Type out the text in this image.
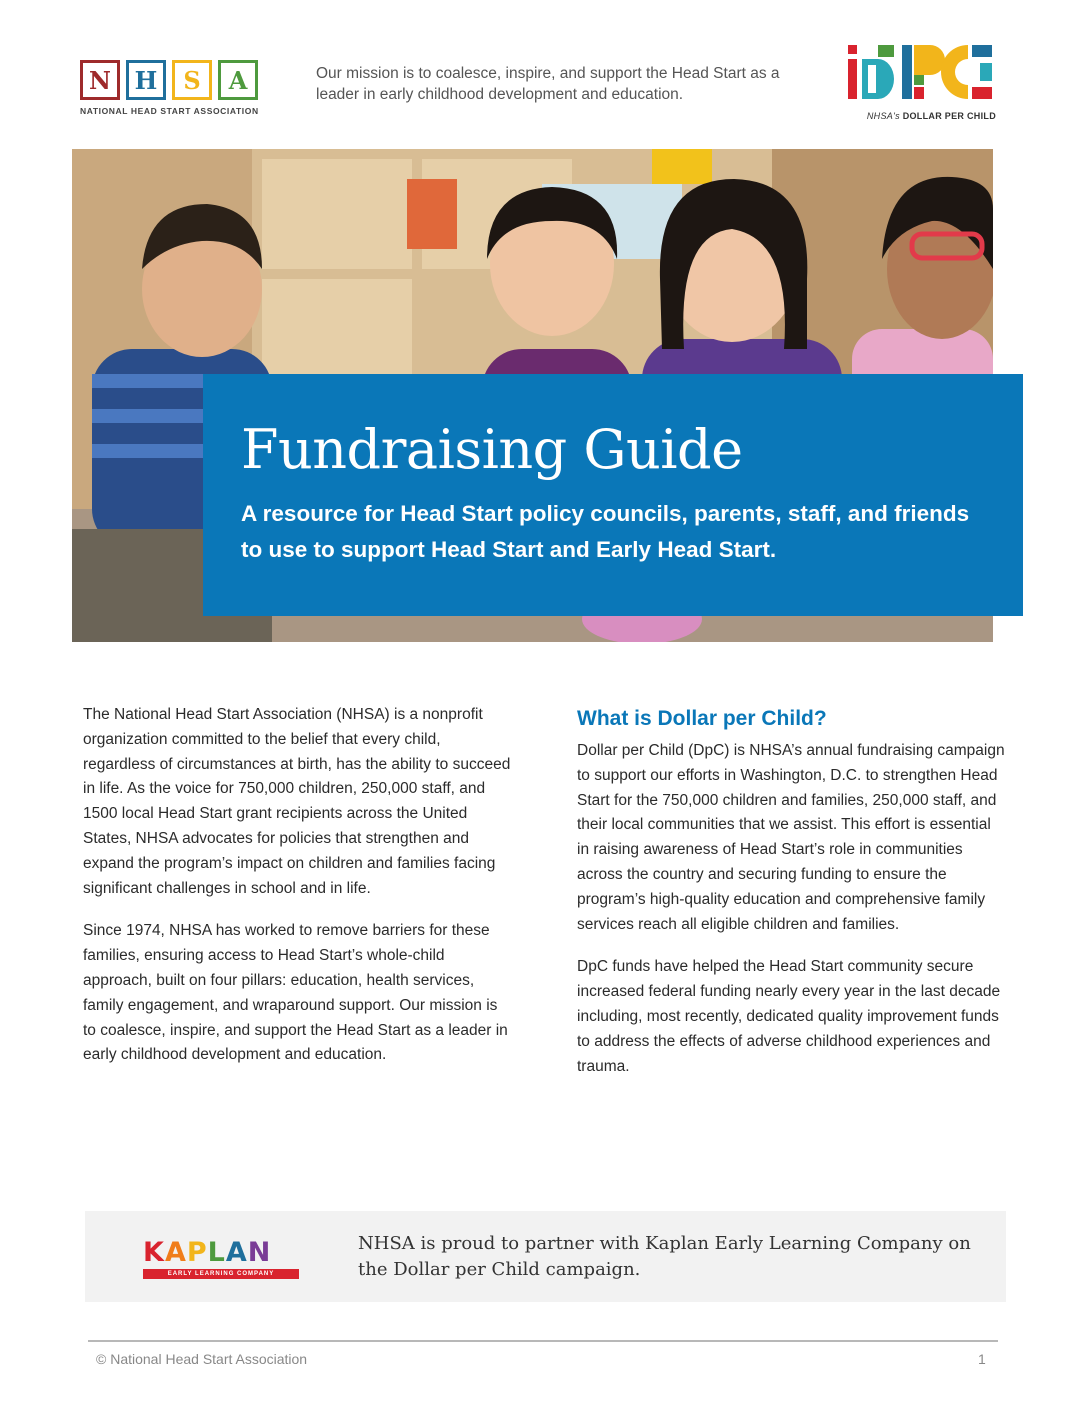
N H	S	A
NATIONAL HEAD START ASSOCIATION
Our mission is to coalesce, inspire, and support the Head Start as a leader in early childhood development and education.
NHSA's DOLLAR PER CHILD
Fundraising Guide
A resource for Head Start policy councils, parents, staff, and friends to use to support Head Start and Early Head Start.

The National Head Start Association (NHSA) is a nonprofit organization committed to the belief that every child, regardless of circumstances at birth, has the ability to succeed in life. As the voice for 750,000 children, 250,000 staff, and 1500 local Head Start grant recipients across the United States, NHSA advocates for policies that strengthen and expand the program’s impact on children and families facing significant challenges in school and in life.

Since 1974, NHSA has worked to remove barriers for these families, ensuring access to Head Start’s whole-child approach, built on four pillars: education, health services, family engagement, and wraparound support. Our mission is to coalesce, inspire, and support the Head Start as a leader in early childhood development and education.

What is Dollar per Child?

Dollar per Child (DpC) is NHSA’s annual fundraising campaign to support our efforts in Washington, D.C. to strengthen Head Start for the 750,000 children and families, 250,000 staff, and their local communities that we assist. This effort is essential in raising awareness of Head Start’s role in communities across the country and securing funding to ensure the program’s high-quality education and comprehensive family services reach all eligible children and families.

DpC funds have helped the Head Start community secure increased federal funding nearly every year in the last decade including, most recently, dedicated quality improvement funds to address the effects of adverse childhood experiences and trauma.

K A P L A N
EARLY LEARNING COMPANY
NHSA is proud to partner with Kaplan Early Learning Company on the Dollar per Child campaign.
© National Head Start Association	1
